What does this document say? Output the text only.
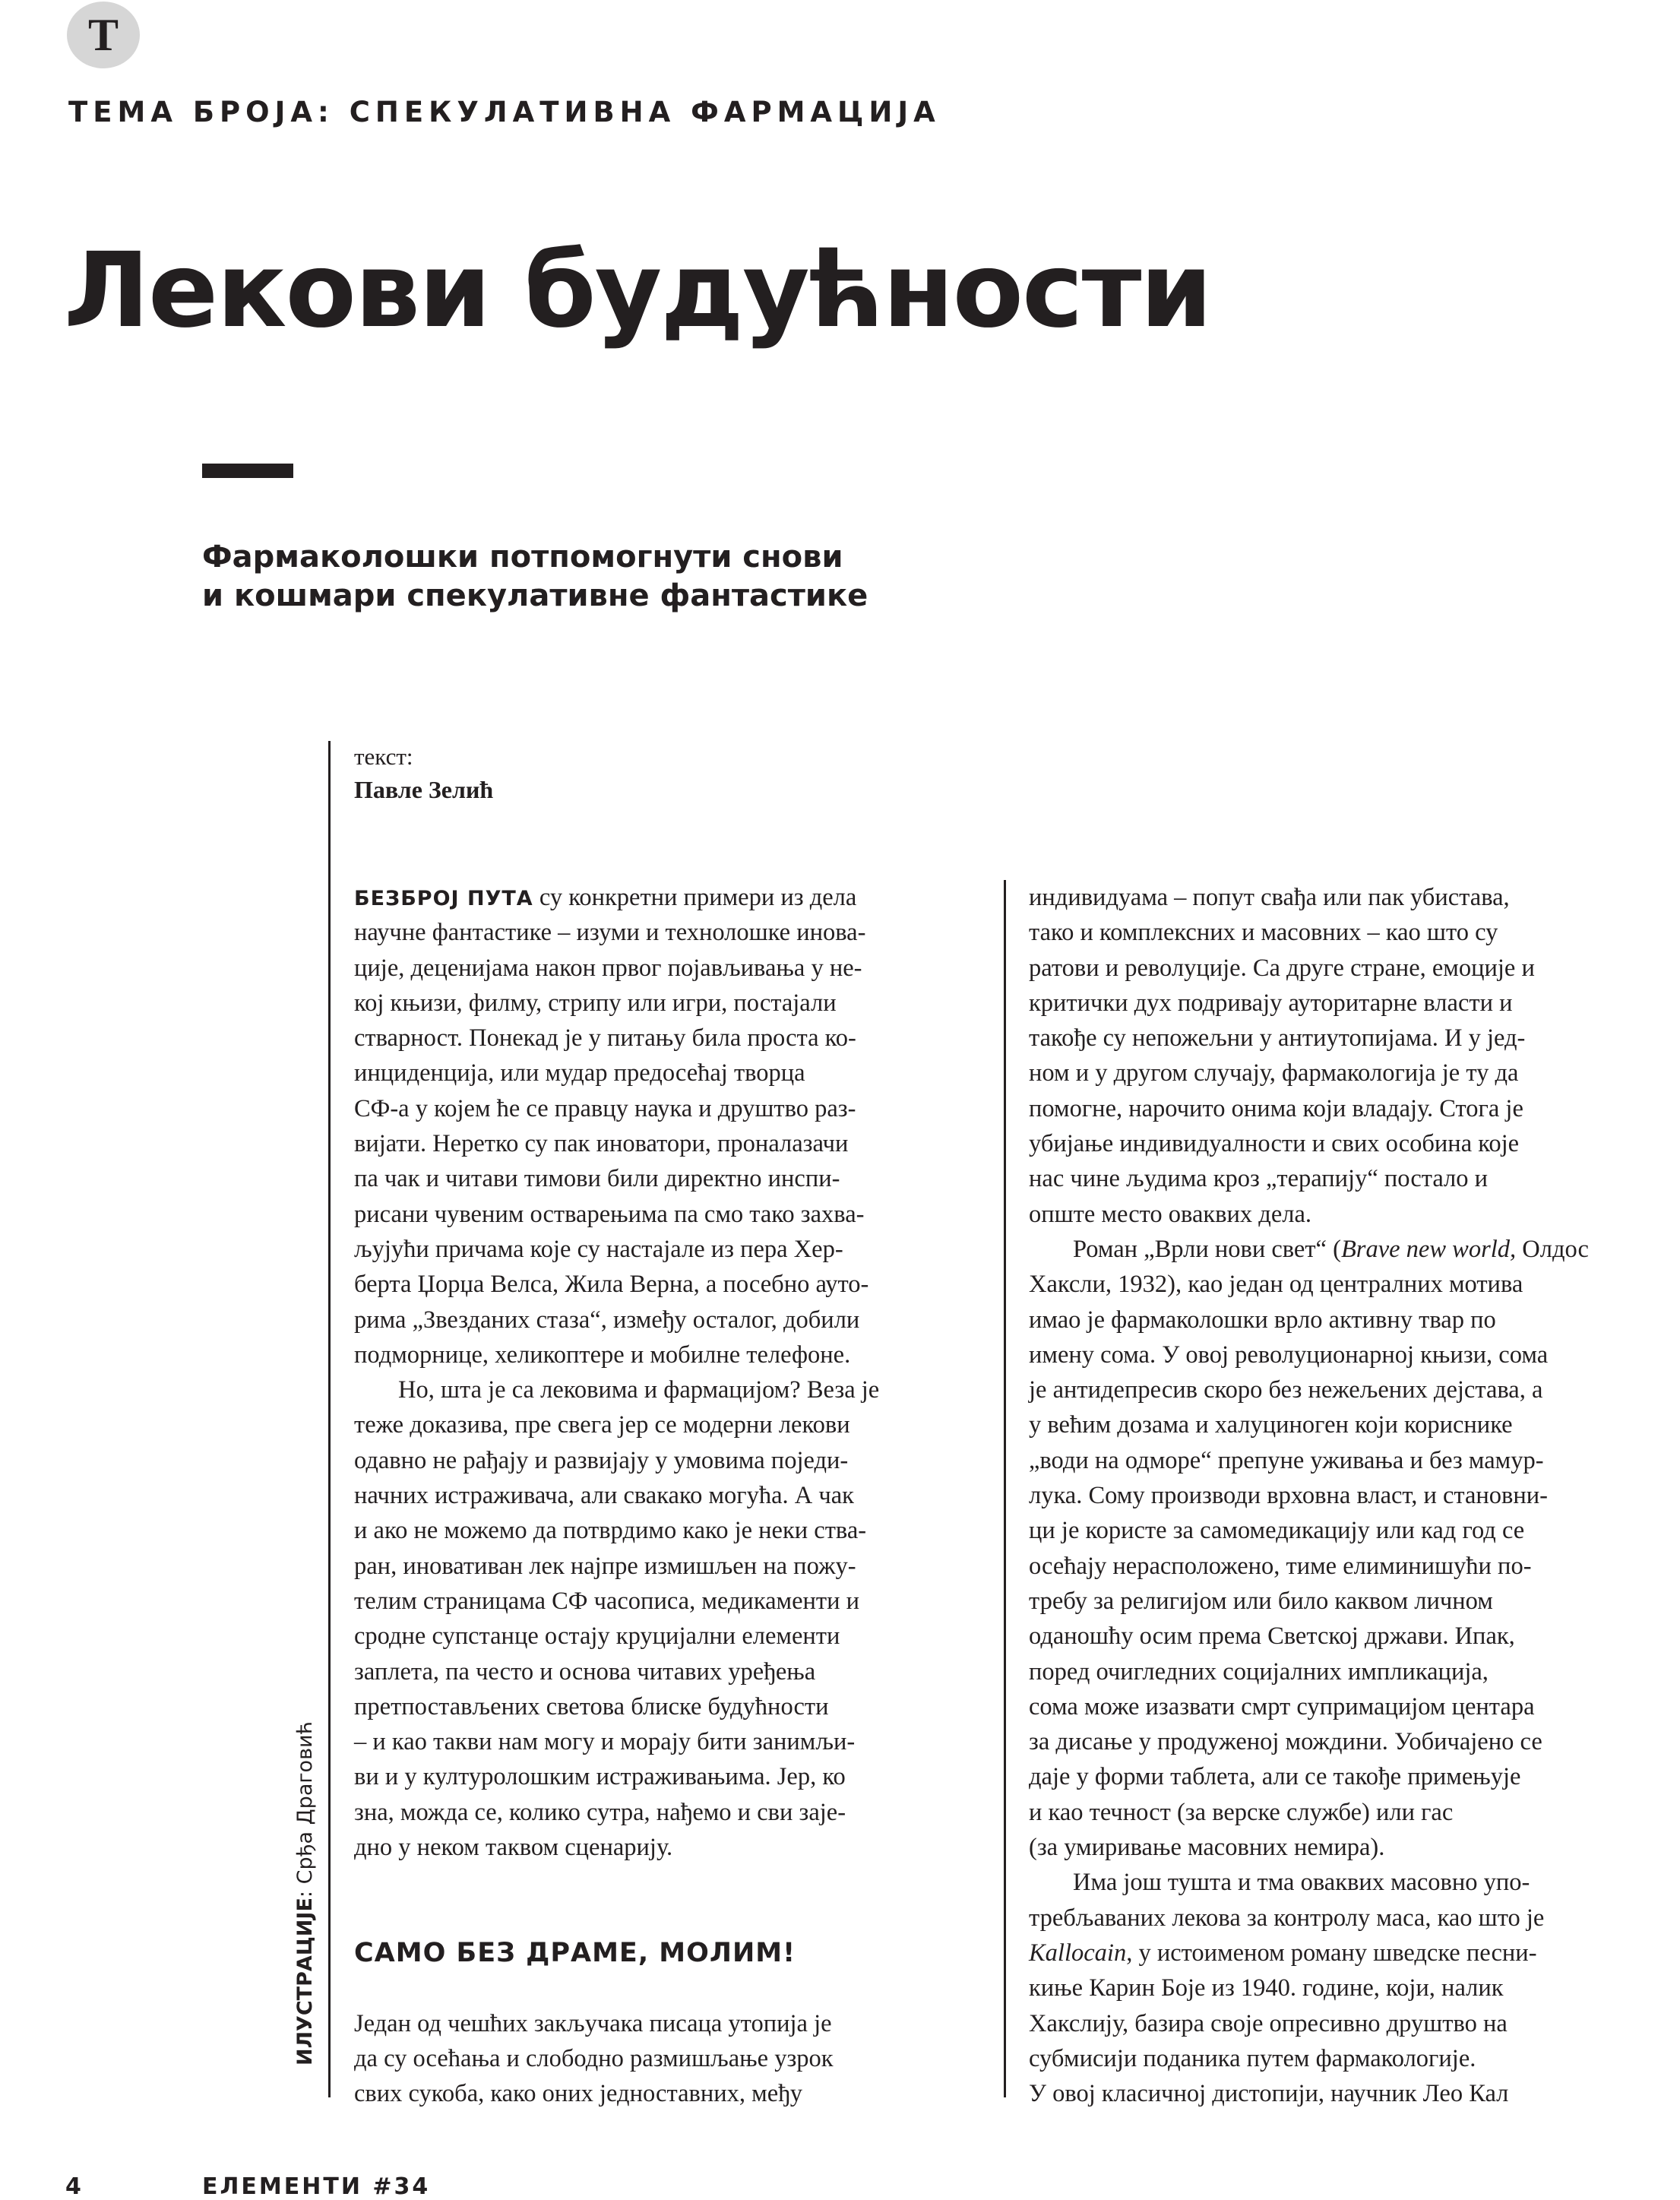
T
ТЕМА БРОЈА: СПЕКУЛАТИВНА ФАРМАЦИЈА
Лекови будућности
Фармаколошки потпомогнути снови
и кошмари спекулативне фантастике
текст:
Павле Зелић
ИЛУСТРАЦИЈЕ: Срђа Драговић
БЕЗБРОЈ ПУТА су конкретни примери из дела
научне фантастике – изуми и технолошке инова-
ције, деценијама након првог појављивања у не-
кој књизи, филму, стрипу или игри, постајали
стварност. Понекад је у питању била проста ко-
инциденција, или мудар предосећај творца
СФ-а у којем ће се правцу наука и друштво раз-
вијати. Неретко су пак иноватори, проналазачи
па чак и читави тимови били директно инспи-
рисани чувеним остварењима па смо тако захва-
љујући причама које су настајале из пера Хер-
берта Џорџа Велса, Жила Верна, а посебно ауто-
рима „Звезданих стаза“, између осталог, добили
подморнице, хеликоптере и мобилне телефоне.
Но, шта је са лековима и фармацијом? Веза је
теже доказива, пре свега јер се модерни лекови
одавно не рађају и развијају у умовима поједи-
начних истраживача, али свакако могућа. А чак
и ако не можемо да потврдимо како је неки ства-
ран, иновативан лек најпре измишљен на пожу-
телим страницама СФ часописа, медикаменти и
сродне супстанце остају круцијални елементи
заплета, па често и основа читавих уређења
претпостављених светова блиске будућности
– и као такви нам могу и морају бити занимљи-
ви и у културолошким истраживањима. Јер, ко
зна, можда се, колико сутра, нађемо и сви зaје-
дно у неком таквом сценарију.
САМО БЕЗ ДРАМЕ, МОЛИМ!
Један од чешћих закључака писаца утопија је
да су осећања и слободно размишљање узрок
свих сукоба, како оних једноставних, међу
индивидуама – попут свађа или пак убистава,
тако и комплексних и масовних – као што су
ратови и револуције. Са друге стране, емоције и
критички дух подривају ауторитарне власти и
такође су непожељни у антиутопијама. И у јед-
ном и у другом случају, фармакологија је ту да
помогне, нарочито онима који владају. Стога је
убијање индивидуалности и свих особина које
нас чине људима кроз „терапију“ постало и
опште место оваквих дела.
Роман „Врли нови свет“ (Brave new world, Олдос
Хаксли, 1932), као један од централних мотива
имао је фармаколошки врло активну твар по
имену сома. У овој револуционарној књизи, сома
је антидепресив скоро без нежељених дејстава, а
у већим дозама и халуциноген који кориснике
„води на одморе“ препуне уживања и без мамур-
лука. Сому производи врховна власт, и становни-
ци је користе за самомедикацију или кад год се
осећају нерасположено, тиме елиминишући по-
требу за религијом или било каквом личном
оданошћу осим према Светској држави. Ипак,
поред очигледних социјалних импликација,
сома може изазвати смрт супримацијом центара
за дисање у продуженој мождини. Уобичајено се
даје у форми таблета, али се такође примењује
и као течност (за верске службе) или гас
(за умиривање масовних немира).
Има још тушта и тма оваквих масовно упо-
требљаваних лекова за контролу маса, као што је
Kallocain, у истоименом роману шведске песни-
киње Карин Боје из 1940. године, који, налик
Хакслију, базира своје опресивно друштво на
субмисији поданика путем фармакологије.
У овој класичној дистопији, научник Лео Кал
4	ЕЛЕМЕНТИ #34
